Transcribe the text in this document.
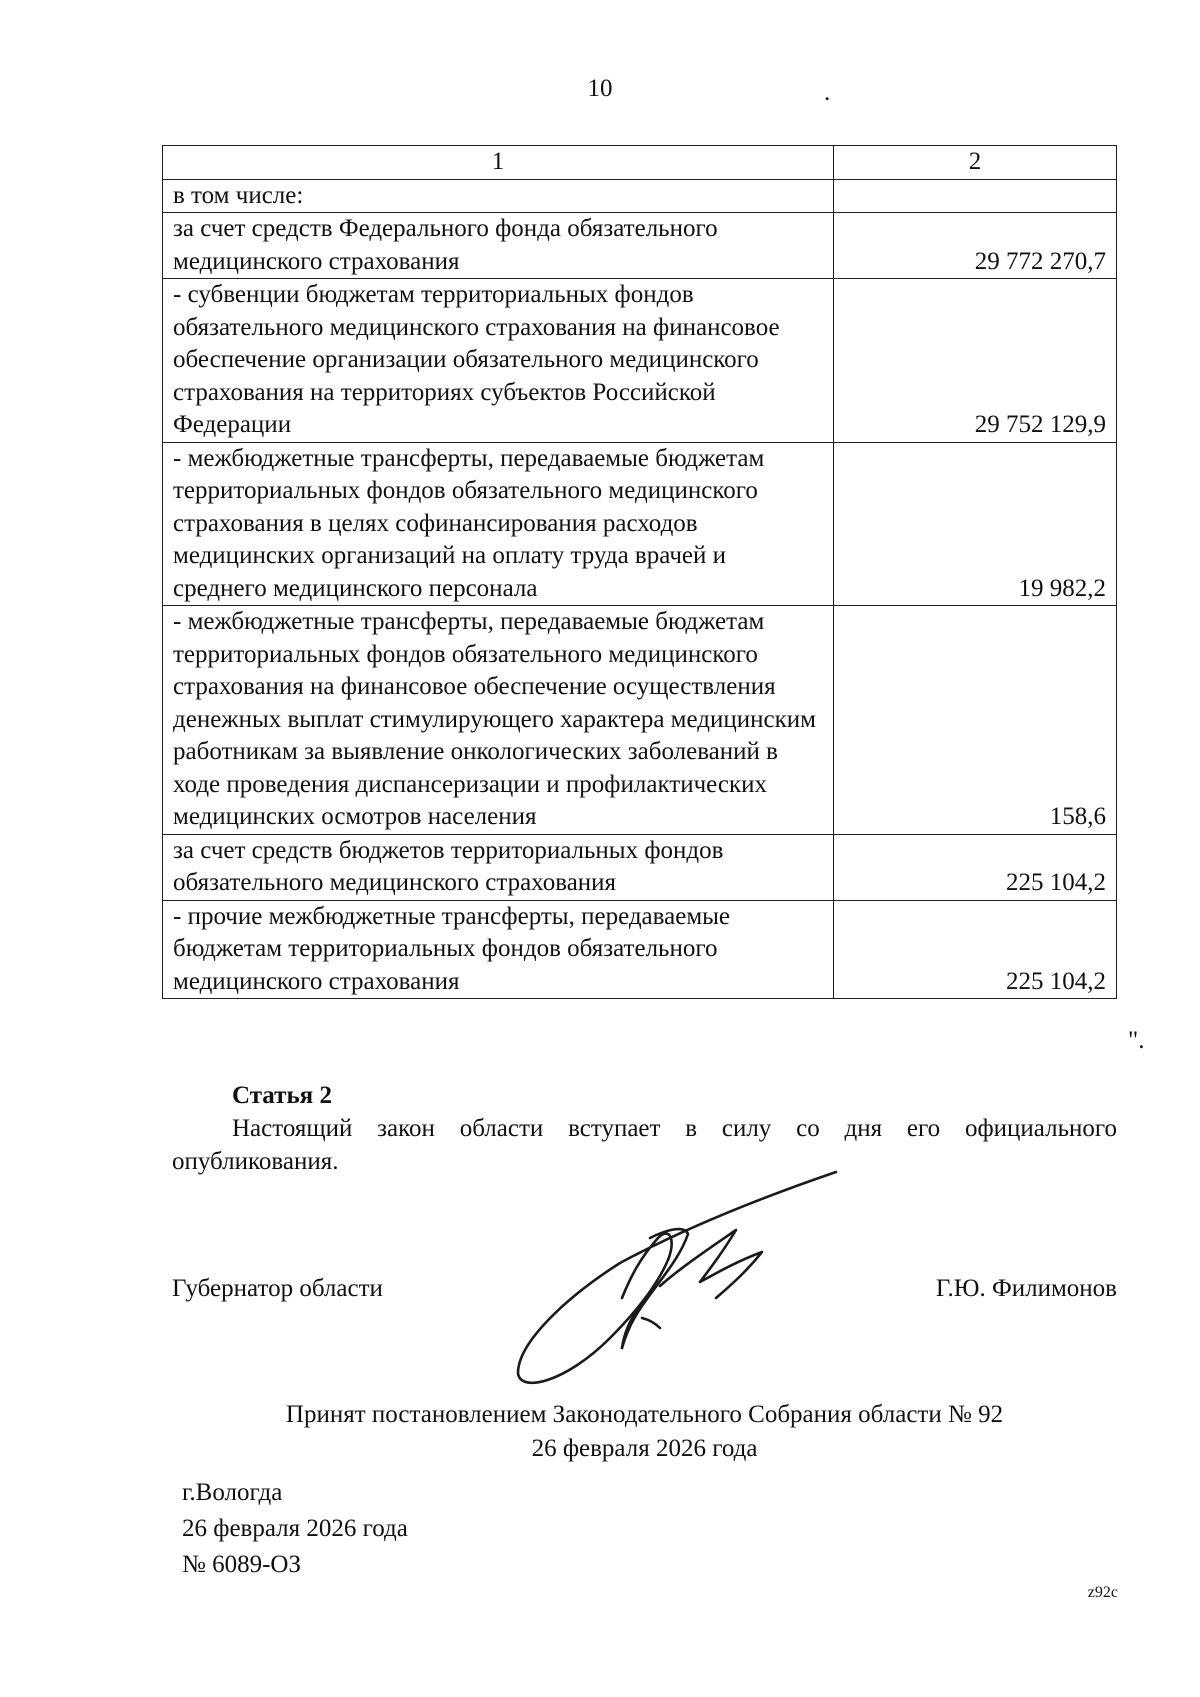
10	.
1	2
в том числе:	
за счет средств Федерального фонда обязательного медицинского страхования	29 772 270,7
- субвенции бюджетам территориальных фондов обязательного медицинского страхования на финансовое обеспечение организации обязательного медицинского страхования на территориях субъектов Российской Федерации	29 752 129,9
- межбюджетные трансферты, передаваемые бюджетам территориальных фондов обязательного медицинского страхования в целях софинансирования расходов медицинских организаций на оплату труда врачей и среднего медицинского персонала	19 982,2
- межбюджетные трансферты, передаваемые бюджетам территориальных фондов обязательного медицинского страхования на финансовое обеспечение осуществления денежных выплат стимулирующего характера медицинским работникам за выявление онкологических заболеваний в ходе проведения диспансеризации и профилактических медицинских осмотров населения	158,6
за счет средств бюджетов территориальных фондов обязательного медицинского страхования	225 104,2
- прочие межбюджетные трансферты, передаваемые бюджетам территориальных фондов обязательного медицинского страхования	225 104,2
".
Статья 2
Настоящий закон области вступает в силу со дня его официального опубликования.
Губернатор области	Г.Ю. Филимонов
Принят постановлением Законодательного Собрания области № 92
26 февраля 2026 года
г.Вологда
26 февраля 2026 года
№ 6089-ОЗ
z92c
